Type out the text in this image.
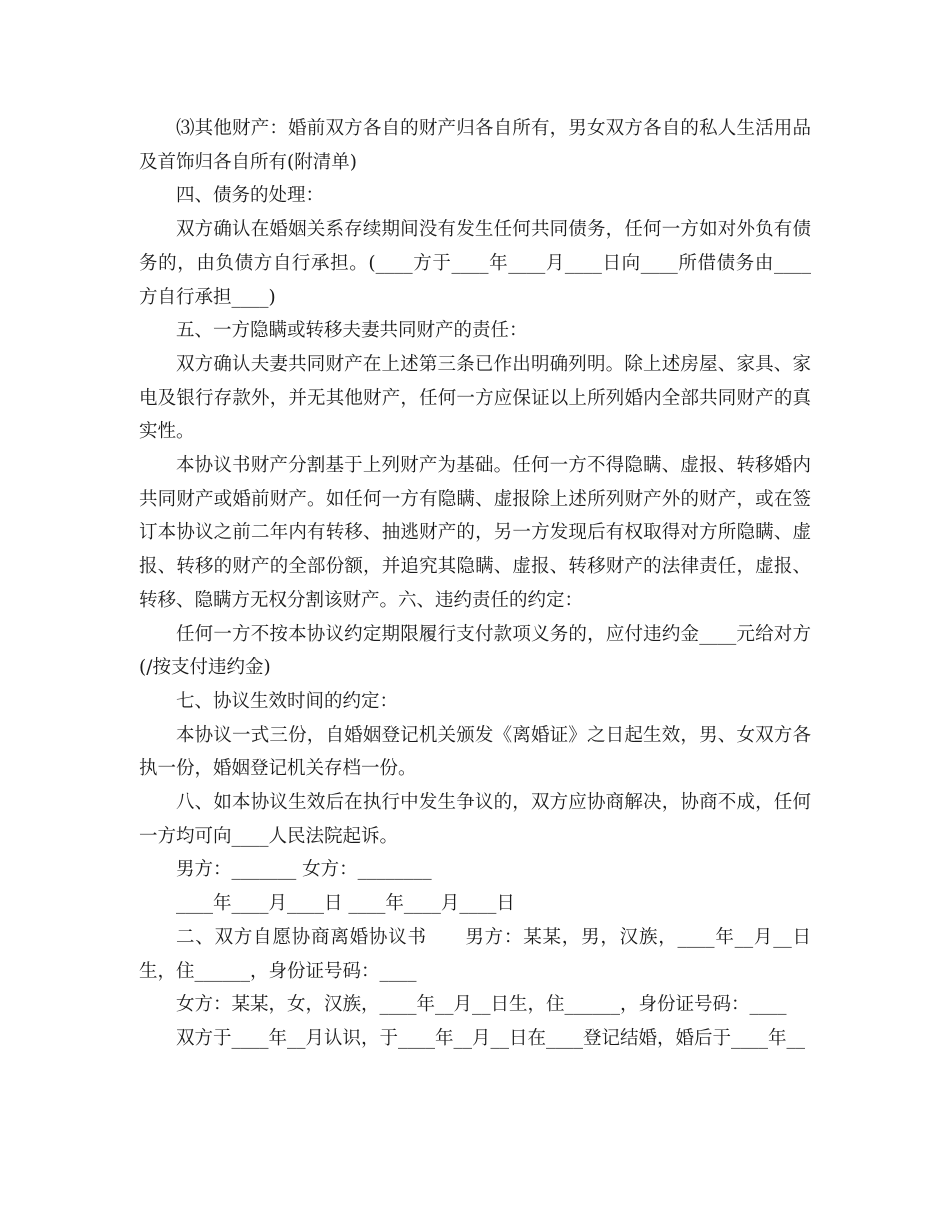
⑶其他财产：婚前双方各自的财产归各自所有，男女双方各自的私人生活用品及首饰归各自所有(附清单)

四、债务的处理：

双方确认在婚姻关系存续期间没有发生任何共同债务，任何一方如对外负有债务的，由负债方自行承担。(____方于____年____月____日向____所借债务由____方自行承担____)

五、一方隐瞒或转移夫妻共同财产的责任：

双方确认夫妻共同财产在上述第三条已作出明确列明。除上述房屋、家具、家电及银行存款外，并无其他财产，任何一方应保证以上所列婚内全部共同财产的真实性。

本协议书财产分割基于上列财产为基础。任何一方不得隐瞒、虚报、转移婚内共同财产或婚前财产。如任何一方有隐瞒、虚报除上述所列财产外的财产，或在签订本协议之前二年内有转移、抽逃财产的，另一方发现后有权取得对方所隐瞒、虚报、转移的财产的全部份额，并追究其隐瞒、虚报、转移财产的法律责任，虚报、转移、隐瞒方无权分割该财产。六、违约责任的约定：

任何一方不按本协议约定期限履行支付款项义务的，应付违约金____元给对方(/按支付违约金)

七、协议生效时间的约定：

本协议一式三份，自婚姻登记机关颁发《离婚证》之日起生效，男、女双方各执一份，婚姻登记机关存档一份。

八、如本协议生效后在执行中发生争议的，双方应协商解决，协商不成，任何一方均可向____人民法院起诉。

男方：_______ 女方：________

____年____月____日 ____年____月____日

二、双方自愿协商离婚协议书　　男方：某某，男，汉族，____年__月__日生，住______，身份证号码：____

女方：某某，女，汉族，____年__月__日生，住______，身份证号码：____

双方于____年__月认识，于____年__月__日在____登记结婚，婚后于____年__
